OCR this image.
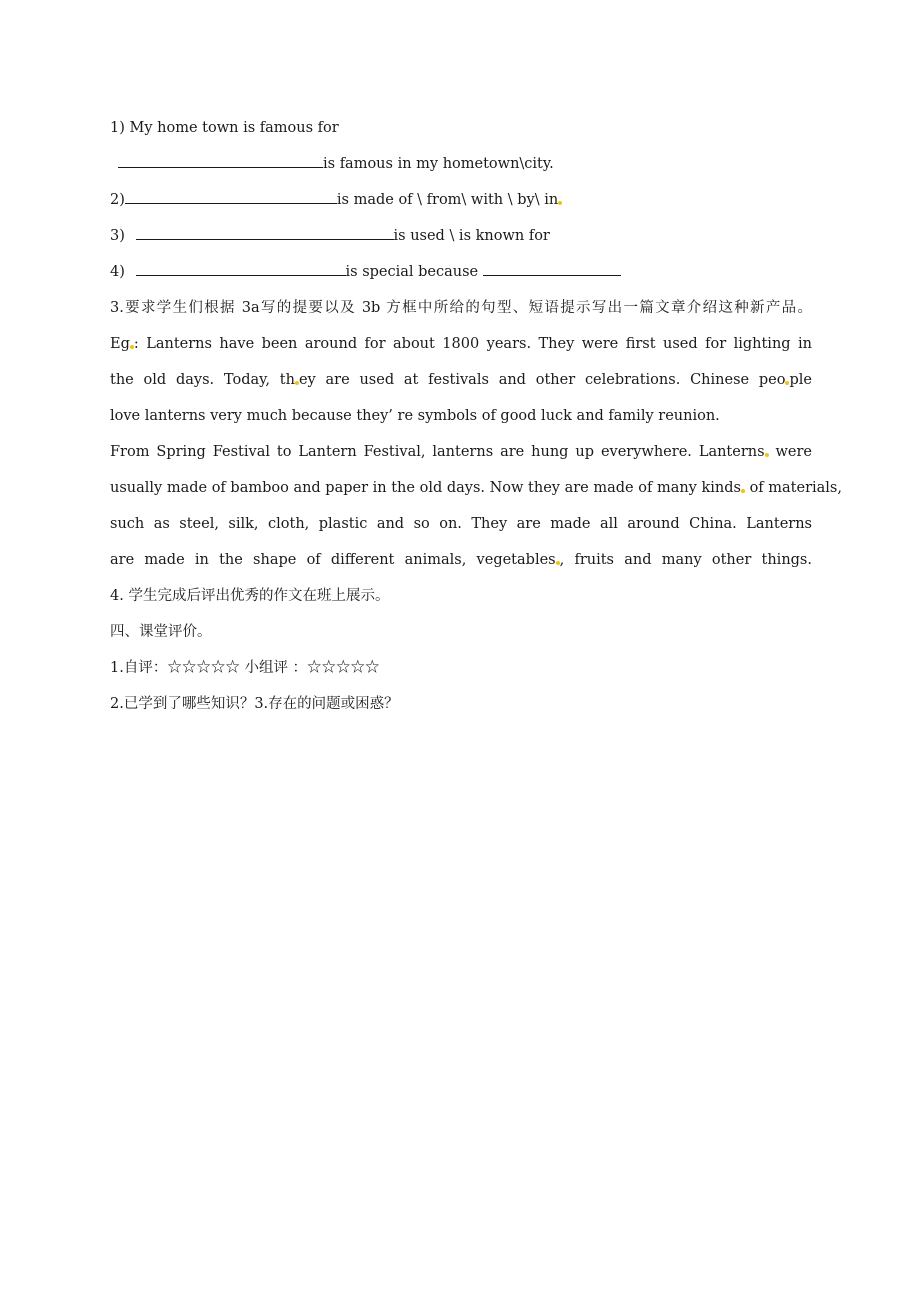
1) My home town is famous for
is famous in my hometown\city.
2)	is made of \ from\ with \ by\ in
3)	is used \ is known for
4)	is special because
3.要求学生们根据 3a写的提要以及 3b 方框中所给的句型、短语提示写出一篇文章介绍这种新产品。
Eg : Lanterns have been around for about 1800 years. They were first used for lighting in
the old days. Today, th ey are used at festivals and other celebrations. Chinese peo ple
love lanterns very much because they’ re symbols of good luck and family reunion.
From Spring Festival to Lantern Festival, lanterns are hung up everywhere. Lanterns were
usually made of bamboo and paper in the old days. Now they are made of many kinds of materials,
such as steel, silk, cloth, plastic and so on. They are made all around China. Lanterns
are made in the shape of different animals, vegetables , fruits and many other things.
4. 学生完成后评出优秀的作文在班上展示。
四、课堂评价。
1.自评：☆☆☆☆☆ 小组评 ：☆☆☆☆☆
2.已学到了哪些知识？3.存在的问题或困惑？
